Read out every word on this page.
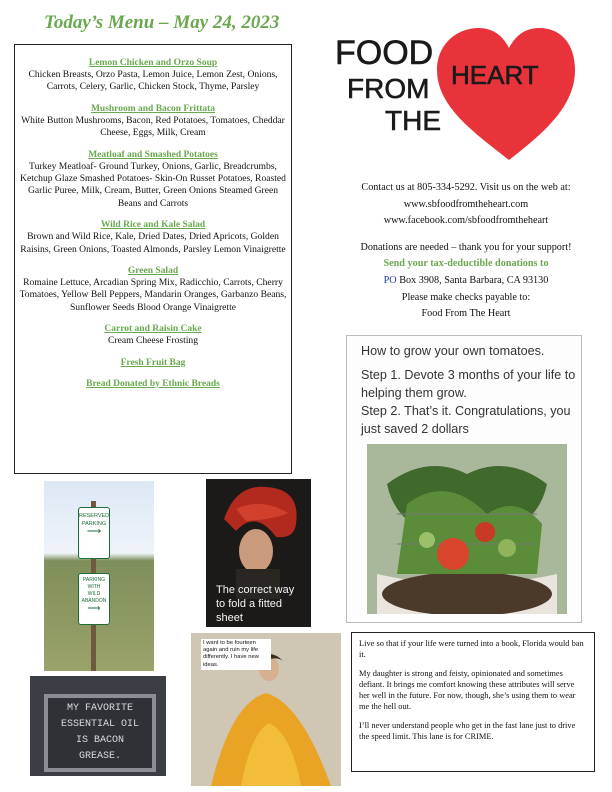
Today’s Menu – May 24, 2023
Lemon Chicken and Orzo Soup
Chicken Breasts, Orzo Pasta, Lemon Juice, Lemon Zest, Onions, Carrots, Celery, Garlic, Chicken Stock, Thyme, Parsley
Mushroom and Bacon Frittata
White Button Mushrooms, Bacon, Red Potatoes, Tomatoes, Cheddar Cheese, Eggs, Milk, Cream
Meatloaf and Smashed Potatoes
Turkey Meatloaf- Ground Turkey, Onions, Garlic, Breadcrumbs, Ketchup Glaze Smashed Potatoes- Skin-On Russet Potatoes, Roasted Garlic Puree, Milk, Cream, Butter, Green Onions Steamed Green Beans and Carrots
Wild Rice and Kale Salad
Brown and Wild Rice, Kale, Dried Dates, Dried Apricots, Golden Raisins, Green Onions, Toasted Almonds, Parsley Lemon Vinaigrette
Green Salad
Romaine Lettuce, Arcadian Spring Mix, Radicchio, Carrots, Cherry Tomatoes, Yellow Bell Peppers, Mandarin Oranges, Garbanzo Beans, Sunflower Seeds Blood Orange Vinaigrette
Carrot and Raisin Cake
Cream Cheese Frosting
Fresh Fruit Bag
Bread Donated by Ethnic Breads
FOOD
FROM
THE
HEART
Contact us at 805-334-5292. Visit us on the web at:
www.sbfoodfromtheheart.com
www.facebook.com/sbfoodfromtheheart
Donations are needed – thank you for your support!
Send your tax-deductible donations to
PO Box 3908, Santa Barbara, CA 93130
Please make checks payable to:
Food From The Heart
How to grow your own tomatoes.
Step 1. Devote 3 months of your life to helping them grow.
Step 2. That’s it. Congratulations, you just saved 2 dollars
RESERVED
PARKING
⟶
PARKING
WITH
WILD
ABANDON
⟶
The correct way to fold a fitted sheet
I want to be fourteen again and ruin my life differently. I have new ideas.
MY FAVORITE ESSENTIAL OIL IS BACON GREASE.

Live so that if your life were turned into a book, Florida would ban it.

My daughter is strong and feisty, opinionated and sometimes defiant. It brings me comfort knowing these attributes will serve her well in the future. For now, though, she’s using them to wear me the hell out.

I’ll never understand people who get in the fast lane just to drive the speed limit. This lane is for CRIME.
